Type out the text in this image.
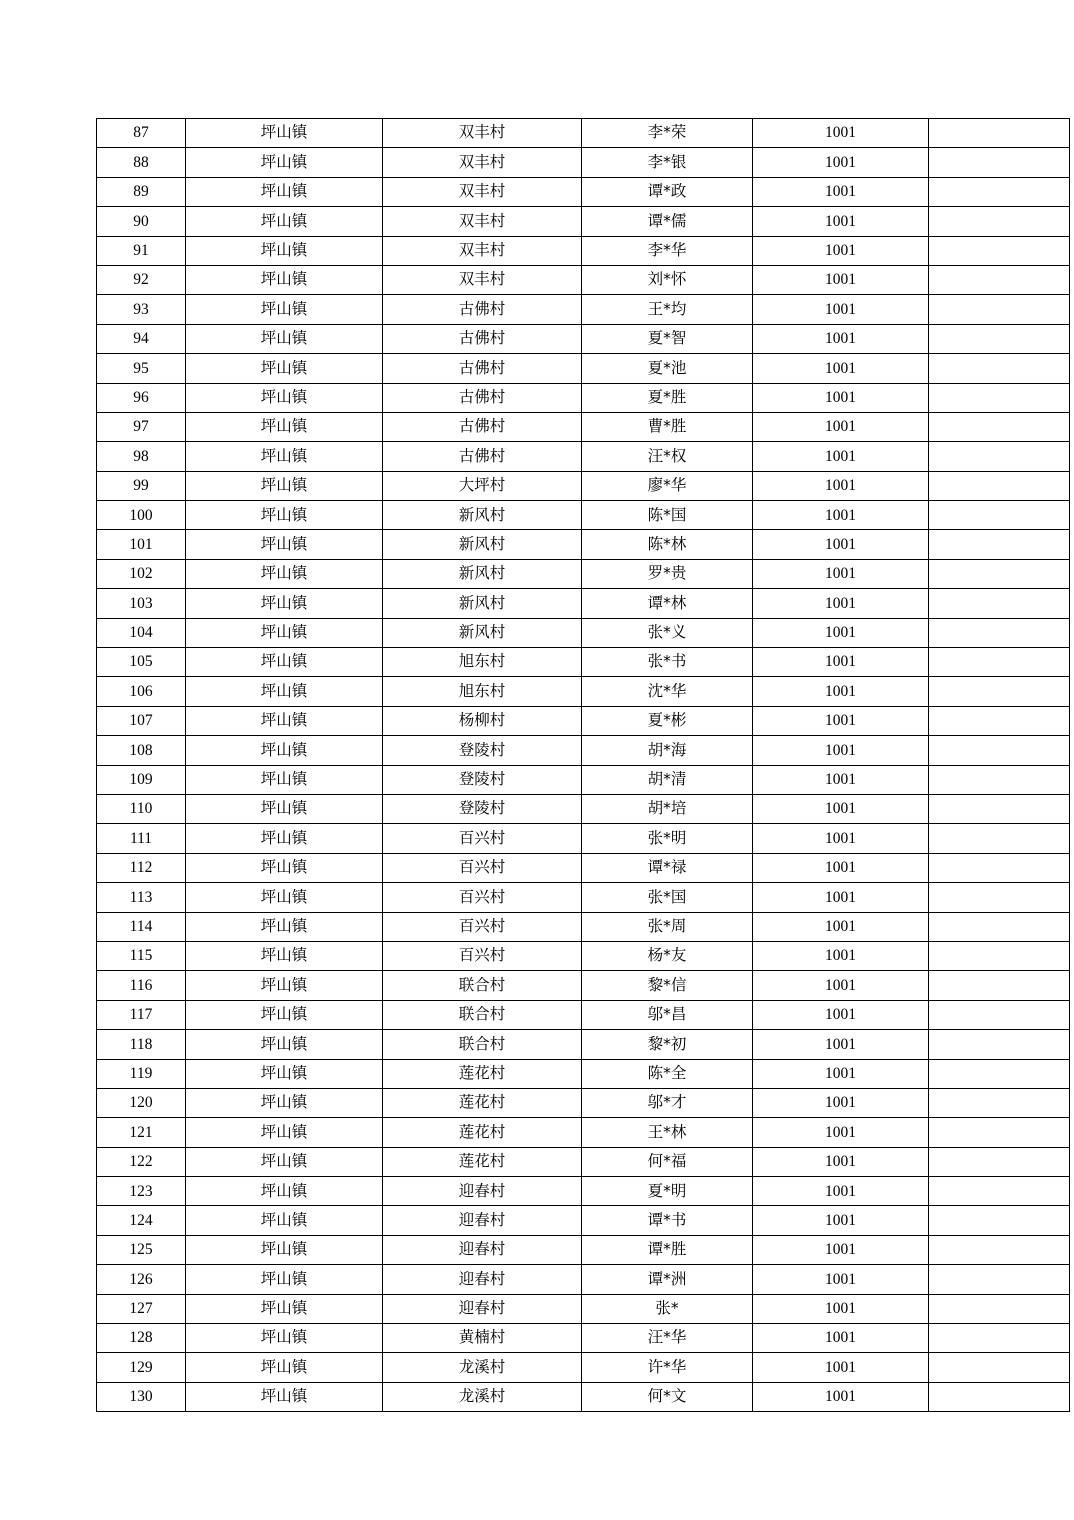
87	坪山镇	双丰村	李*荣	1001	
88	坪山镇	双丰村	李*银	1001	
89	坪山镇	双丰村	谭*政	1001	
90	坪山镇	双丰村	谭*儒	1001	
91	坪山镇	双丰村	李*华	1001	
92	坪山镇	双丰村	刘*怀	1001	
93	坪山镇	古佛村	王*均	1001	
94	坪山镇	古佛村	夏*智	1001	
95	坪山镇	古佛村	夏*池	1001	
96	坪山镇	古佛村	夏*胜	1001	
97	坪山镇	古佛村	曹*胜	1001	
98	坪山镇	古佛村	汪*权	1001	
99	坪山镇	大坪村	廖*华	1001	
100	坪山镇	新风村	陈*国	1001	
101	坪山镇	新风村	陈*林	1001	
102	坪山镇	新风村	罗*贵	1001	
103	坪山镇	新风村	谭*林	1001	
104	坪山镇	新风村	张*义	1001	
105	坪山镇	旭东村	张*书	1001	
106	坪山镇	旭东村	沈*华	1001	
107	坪山镇	杨柳村	夏*彬	1001	
108	坪山镇	登陵村	胡*海	1001	
109	坪山镇	登陵村	胡*清	1001	
110	坪山镇	登陵村	胡*培	1001	
111	坪山镇	百兴村	张*明	1001	
112	坪山镇	百兴村	谭*禄	1001	
113	坪山镇	百兴村	张*国	1001	
114	坪山镇	百兴村	张*周	1001	
115	坪山镇	百兴村	杨*友	1001	
116	坪山镇	联合村	黎*信	1001	
117	坪山镇	联合村	邬*昌	1001	
118	坪山镇	联合村	黎*初	1001	
119	坪山镇	莲花村	陈*全	1001	
120	坪山镇	莲花村	邬*才	1001	
121	坪山镇	莲花村	王*林	1001	
122	坪山镇	莲花村	何*福	1001	
123	坪山镇	迎春村	夏*明	1001	
124	坪山镇	迎春村	谭*书	1001	
125	坪山镇	迎春村	谭*胜	1001	
126	坪山镇	迎春村	谭*洲	1001	
127	坪山镇	迎春村	张*	1001	
128	坪山镇	黄楠村	汪*华	1001	
129	坪山镇	龙溪村	许*华	1001	
130	坪山镇	龙溪村	何*文	1001	
